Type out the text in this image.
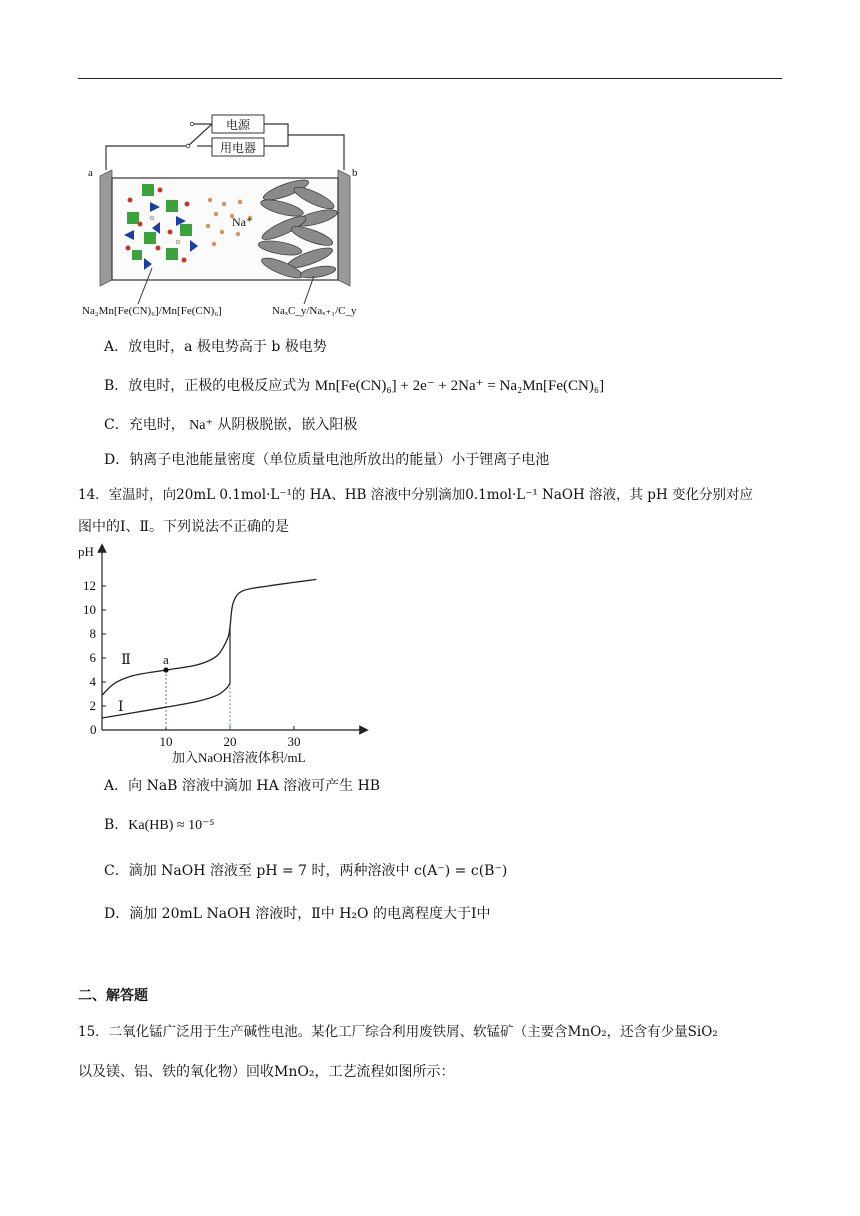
电源
用电器
a	b
Na⁺
Na₂Mn[Fe(CN)₆]/Mn[Fe(CN)₆]	NaₓC_y/Naₓ₊₁/C_y
A．放电时，a 极电势高于 b 极电势
B．放电时，正极的电极反应式为 Mn[Fe(CN)₆] + 2e⁻ + 2Na⁺ = Na₂Mn[Fe(CN)₆]
C．充电时， Na⁺ 从阴极脱嵌，嵌入阳极
D．钠离子电池能量密度（单位质量电池所放出的能量）小于锂离子电池
14．室温时，向20mL 0.1mol·L⁻¹的 HA、HB 溶液中分别滴加0.1mol·L⁻¹ NaOH 溶液，其 pH 变化分别对应
图中的Ⅰ、Ⅱ。下列说法不正确的是
pH
0
加入NaOH溶液体积/mL
2
4
6
8
10
12
10	20	30
Ⅱ
Ⅰ
a
A．向 NaB 溶液中滴加 HA 溶液可产生 HB
B．Ka(HB) ≈ 10⁻⁵
C．滴加 NaOH 溶液至 pH = 7 时，两种溶液中 c(A⁻) = c(B⁻)
D．滴加 20mL NaOH 溶液时，Ⅱ中 H₂O 的电离程度大于Ⅰ中
二、解答题
15．二氧化锰广泛用于生产碱性电池。某化工厂综合利用废铁屑、软锰矿（主要含MnO₂，还含有少量SiO₂
以及镁、铝、铁的氧化物）回收MnO₂，工艺流程如图所示：
